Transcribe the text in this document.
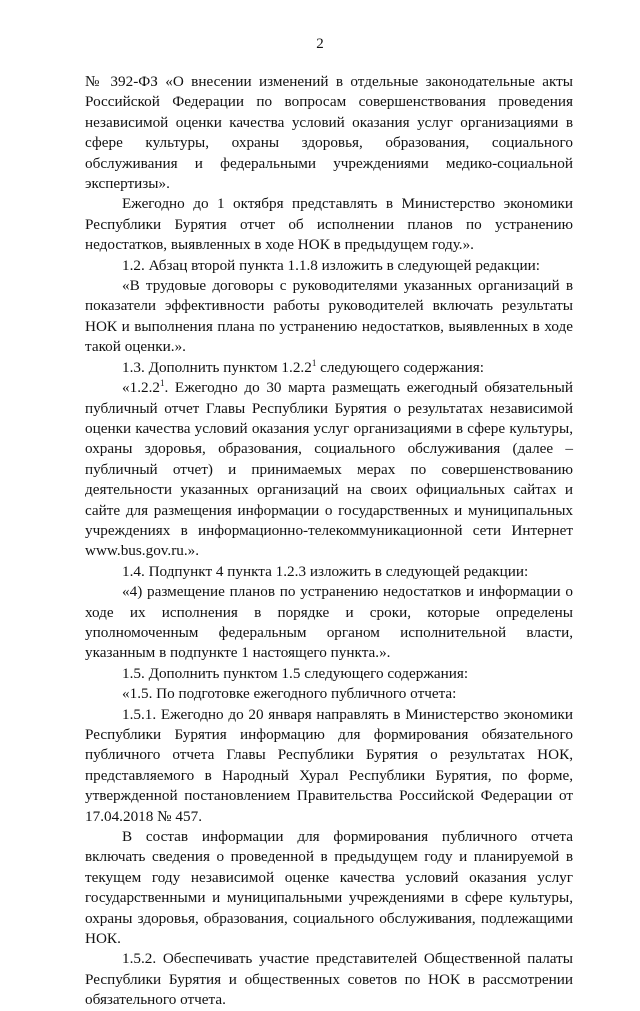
2

№ 392-ФЗ «О внесении изменений в отдельные законодательные акты Российской Федерации по вопросам совершенствования проведения независимой оценки качества условий оказания услуг организациями в сфере культуры, охраны здоровья, образования, социального обслуживания и федеральными учреждениями медико-социальной экспертизы».

Ежегодно до 1 октября представлять в Министерство экономики Республики Бурятия отчет об исполнении планов по устранению недостатков, выявленных в ходе НОК в предыдущем году.».

1.2. Абзац второй пункта 1.1.8 изложить в следующей редакции:

«В трудовые договоры с руководителями указанных организаций в показатели эффективности работы руководителей включать результаты НОК и выполнения плана по устранению недостатков, выявленных в ходе такой оценки.».

1.3. Дополнить пунктом 1.2.2$^1$ следующего содержания:

«1.2.2$^1$. Ежегодно до 30 марта размещать ежегодный обязательный публичный отчет Главы Республики Бурятия о результатах независимой оценки качества условий оказания услуг организациями в сфере культуры, охраны здоровья, образования, социального обслуживания (далее – публичный отчет) и принимаемых мерах по совершенствованию деятельности указанных организаций на своих официальных сайтах и сайте для размещения информации о государственных и муниципальных учреждениях в информационно-телекоммуникационной сети Интернет www.bus.gov.ru.».

1.4. Подпункт 4 пункта 1.2.3 изложить в следующей редакции:

«4) размещение планов по устранению недостатков и информации о ходе их исполнения в порядке и сроки, которые определены уполномоченным федеральным органом исполнительной власти, указанным в подпункте 1 настоящего пункта.».

1.5. Дополнить пунктом 1.5 следующего содержания:

«1.5. По подготовке ежегодного публичного отчета:

1.5.1. Ежегодно до 20 января направлять в Министерство экономики Республики Бурятия информацию для формирования обязательного публичного отчета Главы Республики Бурятия о результатах НОК, представляемого в Народный Хурал Республики Бурятия, по форме, утвержденной постановлением Правительства Российской Федерации от 17.04.2018 № 457.

В состав информации для формирования публичного отчета включать сведения о проведенной в предыдущем году и планируемой в текущем году независимой оценке качества условий оказания услуг государственными и муниципальными учреждениями в сфере культуры, охраны здоровья, образования, социального обслуживания, подлежащими НОК.

1.5.2. Обеспечивать участие представителей Общественной палаты Республики Бурятия и общественных советов по НОК в рассмотрении обязательного отчета.
